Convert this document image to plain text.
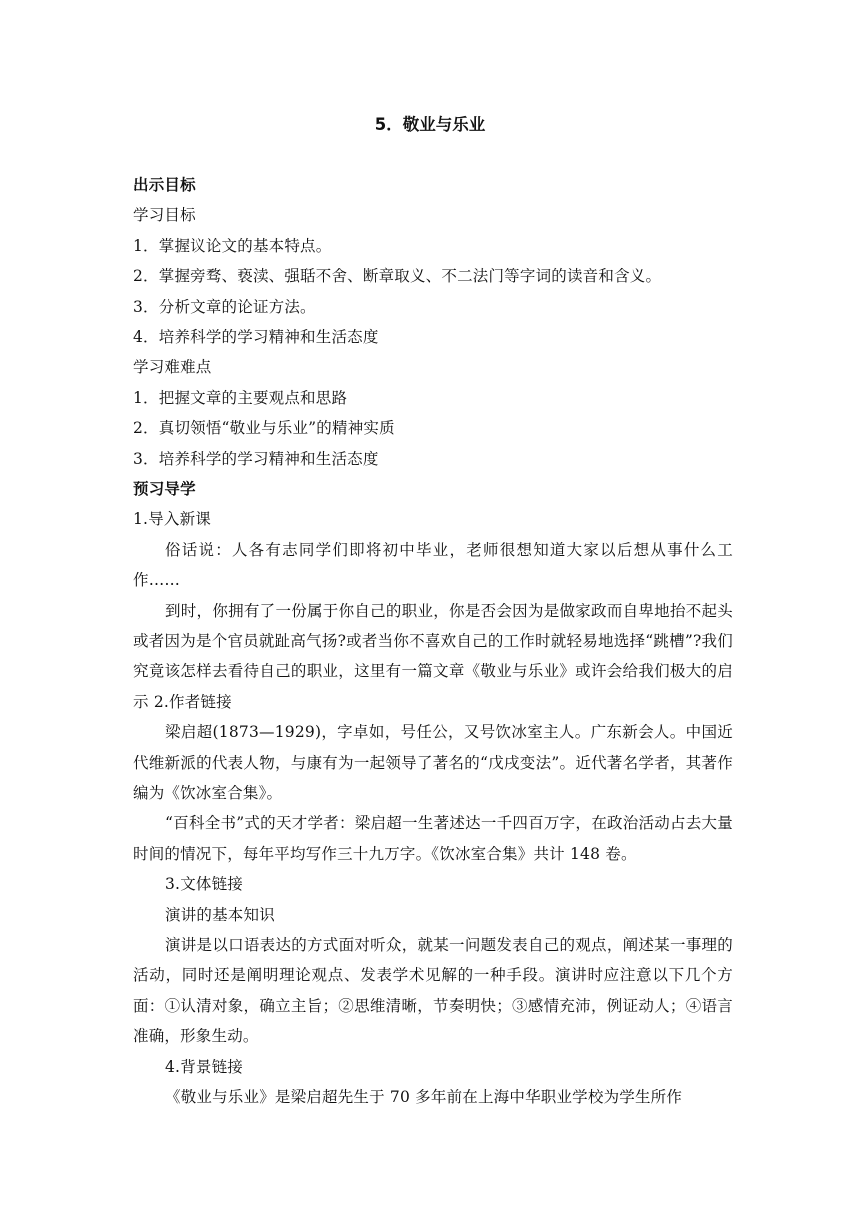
5．敬业与乐业
出示目标
学习目标
1．掌握议论文的基本特点。
2．掌握旁骛、亵渎、强聒不舍、断章取义、不二法门等字词的读音和含义。
3．分析文章的论证方法。
4．培养科学的学习精神和生活态度
学习难难点
1．把握文章的主要观点和思路
2．真切领悟“敬业与乐业”的精神实质
3．培养科学的学习精神和生活态度
预习导学
1.导入新课
俗话说：人各有志同学们即将初中毕业，老师很想知道大家以后想从事什么工作……
到时，你拥有了一份属于你自己的职业，你是否会因为是做家政而自卑地抬不起头或者因为是个官员就趾高气扬?或者当你不喜欢自己的工作时就轻易地选择“跳槽”?我们究竟该怎样去看待自己的职业，这里有一篇文章《敬业与乐业》或许会给我们极大的启示 2.作者链接
梁启超(1873—1929)，字卓如，号任公，又号饮冰室主人。广东新会人。中国近代维新派的代表人物，与康有为一起领导了著名的“戊戌变法”。近代著名学者，其著作编为《饮冰室合集》。
“百科全书”式的天才学者：梁启超一生著述达一千四百万字，在政治活动占去大量时间的情况下，每年平均写作三十九万字。《饮冰室合集》共计 148 卷。
3.文体链接
演讲的基本知识
演讲是以口语表达的方式面对听众，就某一问题发表自己的观点，阐述某一事理的活动，同时还是阐明理论观点、发表学术见解的一种手段。演讲时应注意以下几个方面：①认清对象，确立主旨；②思维清晰，节奏明快；③感情充沛，例证动人；④语言准确，形象生动。
4.背景链接
《敬业与乐业》是梁启超先生于 70 多年前在上海中华职业学校为学生所作
